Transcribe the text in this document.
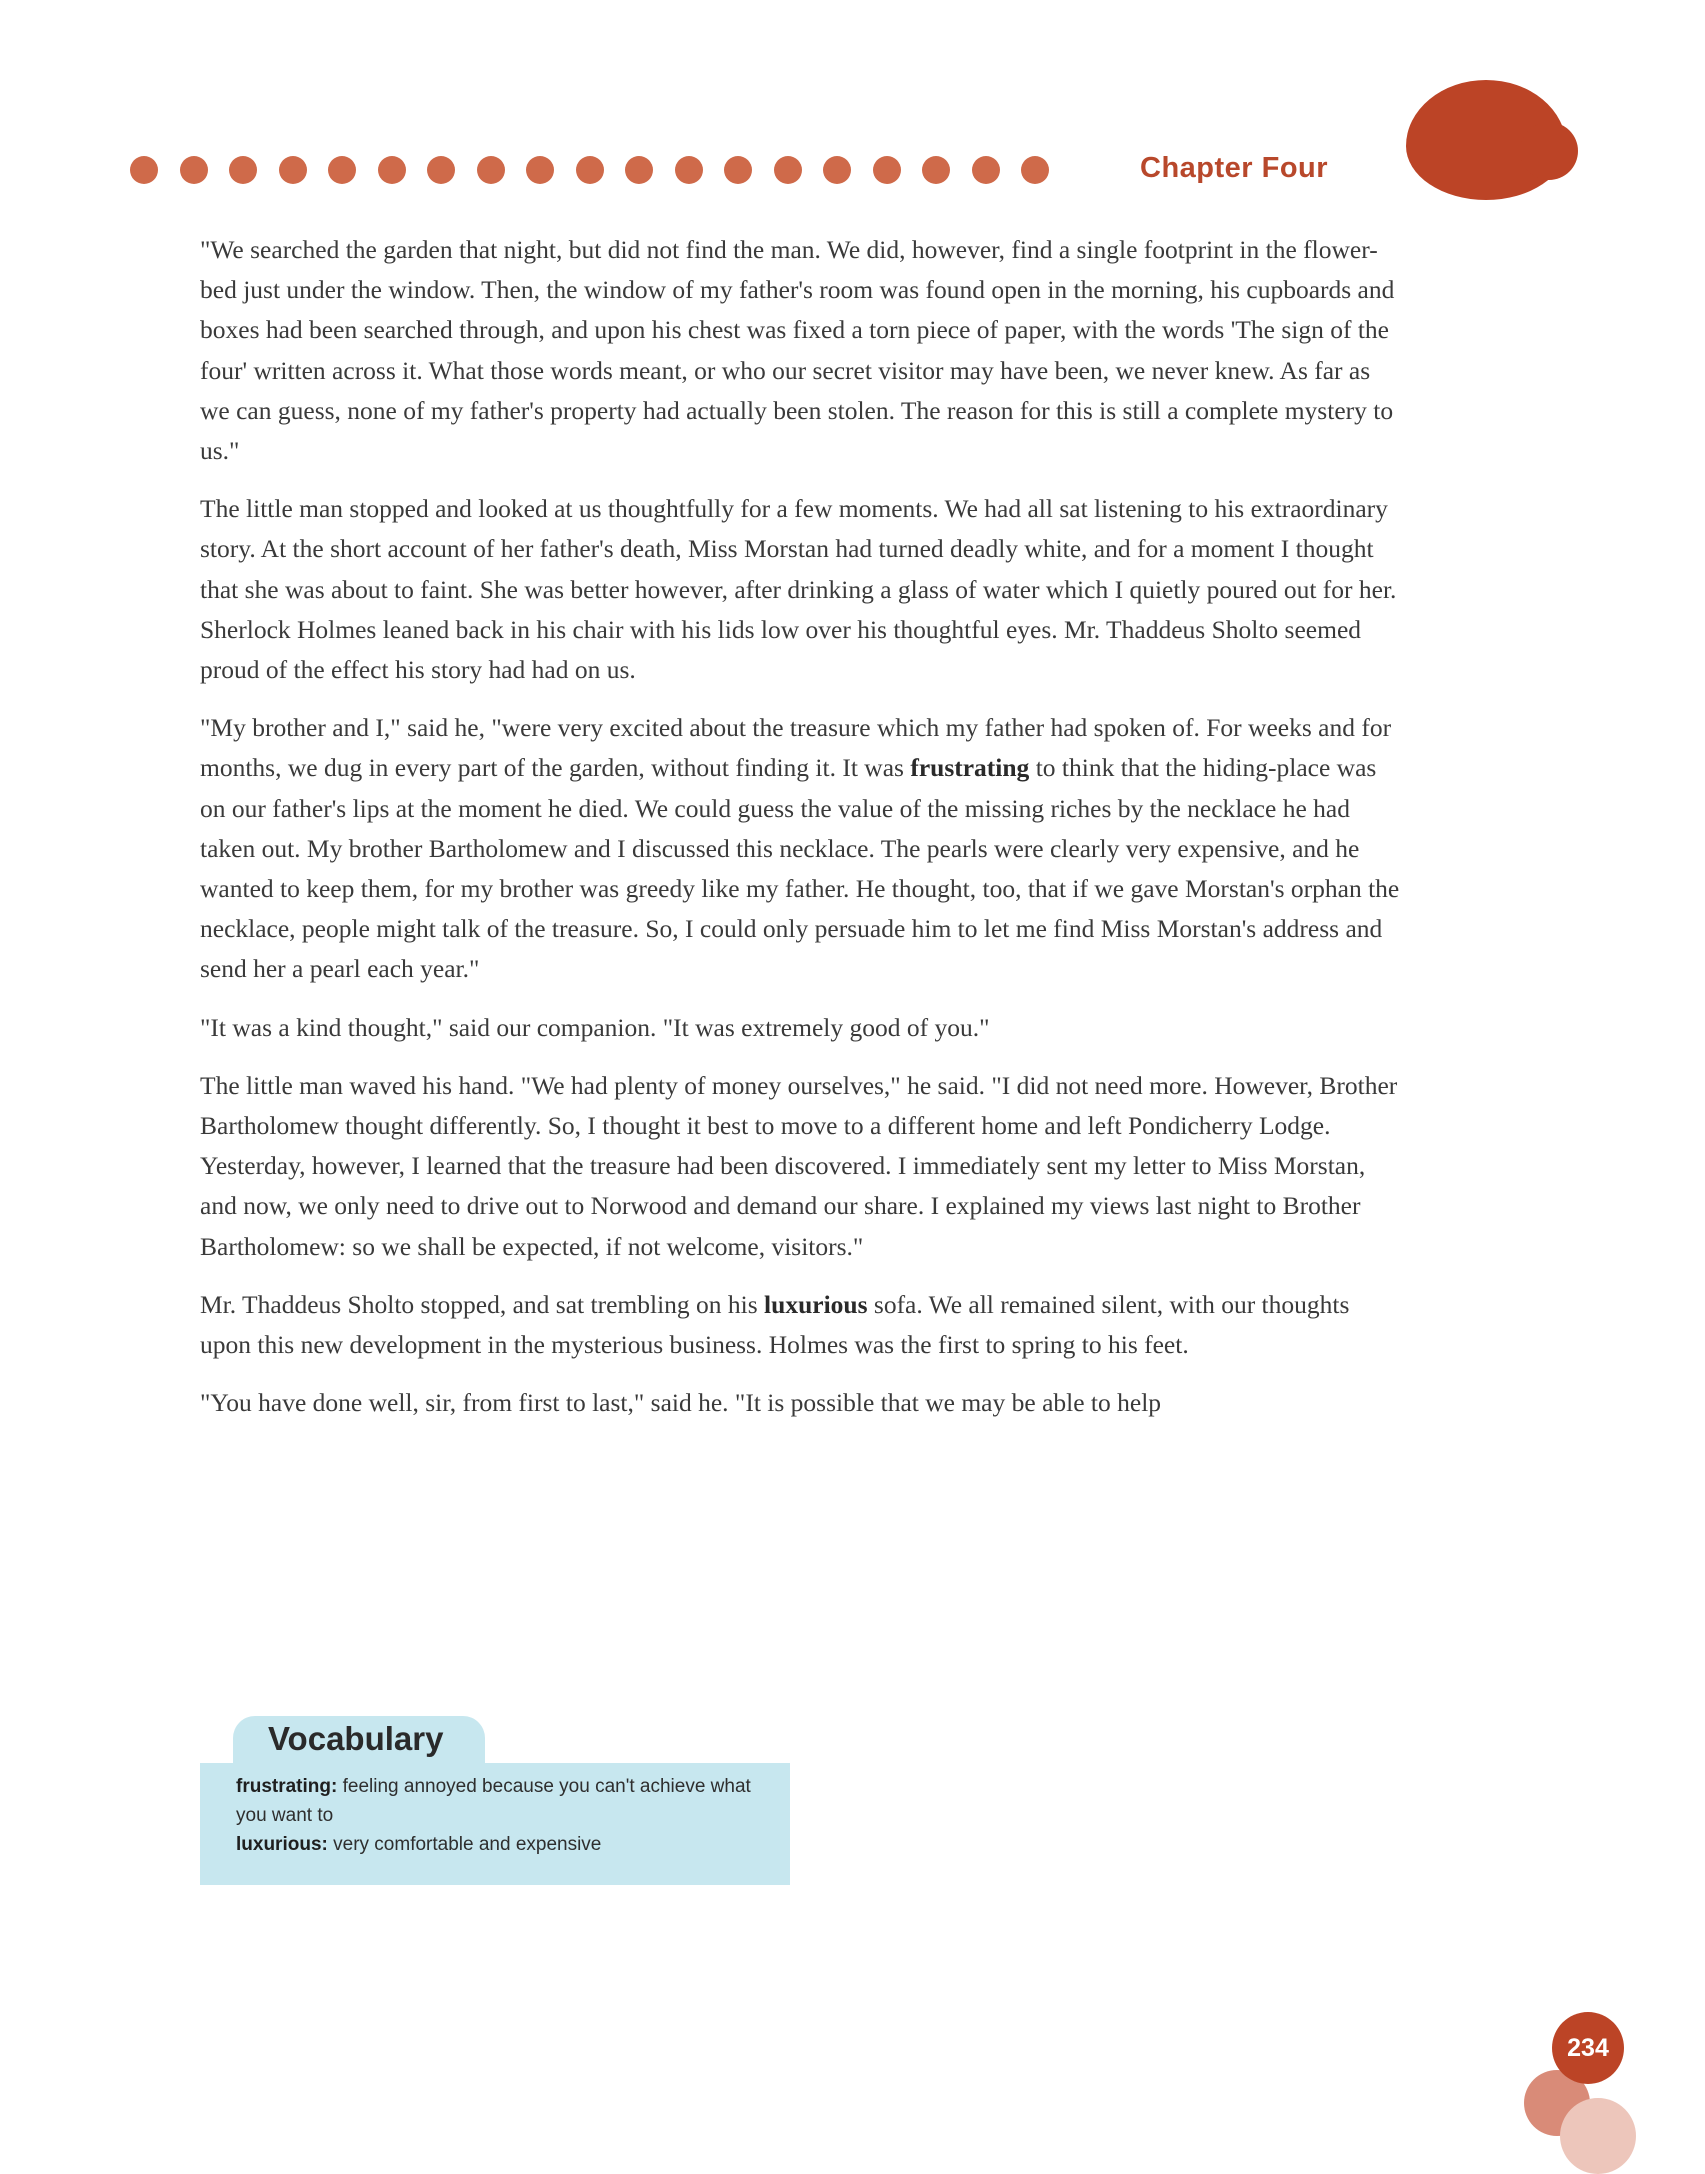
Chapter Four

"We searched the garden that night, but did not find the man. We did, however, find a single footprint in the flower-bed just under the window. Then, the window of my father's room was found open in the morning, his cupboards and boxes had been searched through, and upon his chest was fixed a torn piece of paper, with the words 'The sign of the four' written across it. What those words meant, or who our secret visitor may have been, we never knew. As far as we can guess, none of my father's property had actually been stolen. The reason for this is still a complete mystery to us."

The little man stopped and looked at us thoughtfully for a few moments. We had all sat listening to his extraordinary story. At the short account of her father's death, Miss Morstan had turned deadly white, and for a moment I thought that she was about to faint. She was better however, after drinking a glass of water which I quietly poured out for her. Sherlock Holmes leaned back in his chair with his lids low over his thoughtful eyes. Mr. Thaddeus Sholto seemed proud of the effect his story had had on us.

"My brother and I," said he, "were very excited about the treasure which my father had spoken of. For weeks and for months, we dug in every part of the garden, without finding it. It was frustrating to think that the hiding-place was on our father's lips at the moment he died. We could guess the value of the missing riches by the necklace he had taken out. My brother Bartholomew and I discussed this necklace. The pearls were clearly very expensive, and he wanted to keep them, for my brother was greedy like my father. He thought, too, that if we gave Morstan's orphan the necklace, people might talk of the treasure. So, I could only persuade him to let me find Miss Morstan's address and send her a pearl each year."

"It was a kind thought," said our companion. "It was extremely good of you."

The little man waved his hand. "We had plenty of money ourselves," he said. "I did not need more. However, Brother Bartholomew thought differently. So, I thought it best to move to a different home and left Pondicherry Lodge. Yesterday, however, I learned that the treasure had been discovered. I immediately sent my letter to Miss Morstan, and now, we only need to drive out to Norwood and demand our share. I explained my views last night to Brother Bartholomew: so we shall be expected, if not welcome, visitors."

Mr. Thaddeus Sholto stopped, and sat trembling on his luxurious sofa. We all remained silent, with our thoughts upon this new development in the mysterious business. Holmes was the first to spring to his feet.

"You have done well, sir, from first to last," said he. "It is possible that we may be able to help

Vocabulary
frustrating: feeling annoyed because you can't achieve what you want to
luxurious: very comfortable and expensive
234
